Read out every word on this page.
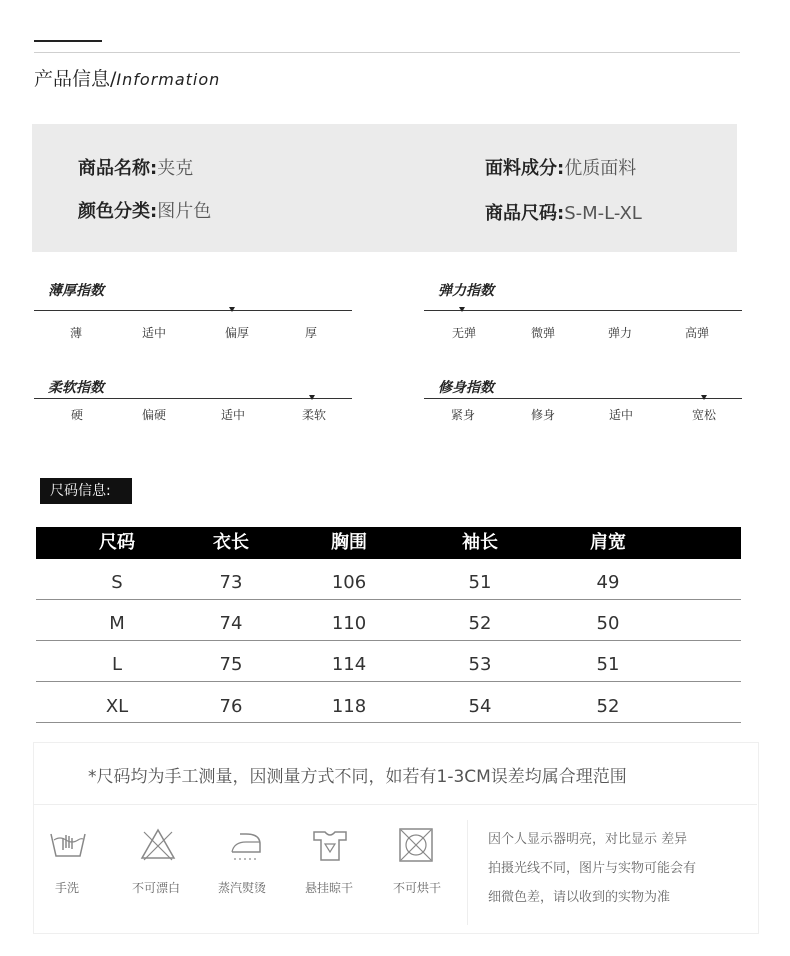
产品信息/Information
商品名称:夹克
颜色分类:图片色
面料成分:优质面料
商品尺码:S-M-L-XL
薄厚指数
薄	适中	偏厚	厚
弹力指数
无弹	微弹	弹力	高弹
柔软指数
硬	偏硬	适中	柔软
修身指数
紧身	修身	适中	宽松
尺码信息:
尺码	衣长	胸围	袖长	肩宽
S	73	106	51	49
M	74	110	52	50
L	75	114	53	51
XL	76	118	54	52
*尺码均为手工测量，因测量方式不同，如若有1-3CM误差均属合理范围
手洗	不可漂白	蒸汽熨烫	悬挂晾干	不可烘干
因个人显示器明亮，对比显示 差异
拍摄光线不同，图片与实物可能会有
细微色差，请以收到的实物为准
